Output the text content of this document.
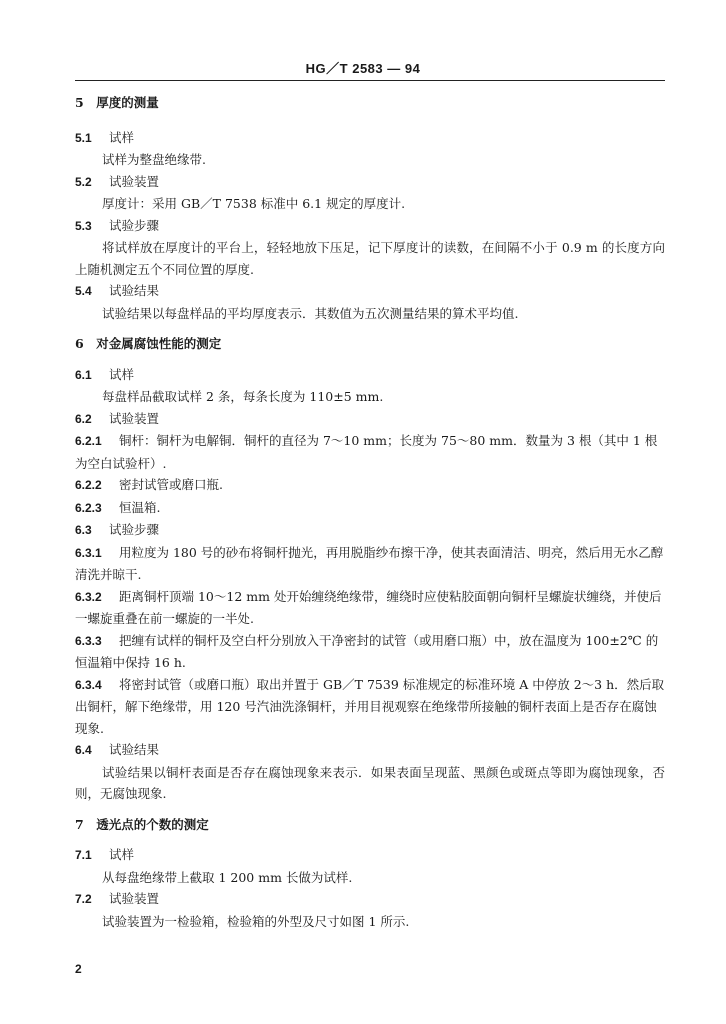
HG／T 2583 — 94

5　厚度的测量

5.1 试样

试样为整盘绝缘带.

5.2 试验装置

厚度计：采用 GB／T 7538 标准中 6.1 规定的厚度计.

5.3 试验步骤

将试样放在厚度计的平台上，轻轻地放下压足，记下厚度计的读数，在间隔不小于 0.9 m 的长度方向上随机测定五个不同位置的厚度.

5.4 试验结果

试验结果以每盘样品的平均厚度表示．其数值为五次测量结果的算术平均值.

6　对金属腐蚀性能的测定

6.1 试样

每盘样品截取试样 2 条，每条长度为 110±5 mm.

6.2 试验装置

6.2.1 铜杆：铜杆为电解铜．铜杆的直径为 7～10 mm；长度为 75～80 mm．数量为 3 根（其中 1 根为空白试验杆）.

6.2.2 密封试管或磨口瓶.

6.2.3 恒温箱.

6.3 试验步骤

6.3.1 用粒度为 180 号的砂布将铜杆抛光，再用脱脂纱布擦干净，使其表面清洁、明亮，然后用无水乙醇清洗并晾干.

6.3.2 距离铜杆顶端 10～12 mm 处开始缠绕绝缘带，缠绕时应使粘胶面朝向铜杆呈螺旋状缠绕，并使后一螺旋重叠在前一螺旋的一半处.

6.3.3 把缠有试样的铜杆及空白杆分别放入干净密封的试管（或用磨口瓶）中，放在温度为 100±2℃ 的恒温箱中保持 16 h.

6.3.4 将密封试管（或磨口瓶）取出并置于 GB／T 7539 标准规定的标准环境 A 中停放 2～3 h．然后取出铜杆，解下绝缘带，用 120 号汽油洗涤铜杆，并用目视观察在绝缘带所接触的铜杆表面上是否存在腐蚀现象.

6.4 试验结果

试验结果以铜杆表面是否存在腐蚀现象来表示．如果表面呈现蓝、黑颜色或斑点等即为腐蚀现象，否则，无腐蚀现象.

7　透光点的个数的测定

7.1 试样

从每盘绝缘带上截取 1 200 mm 长做为试样.

7.2 试验装置

试验装置为一检验箱，检验箱的外型及尺寸如图 1 所示.

2
